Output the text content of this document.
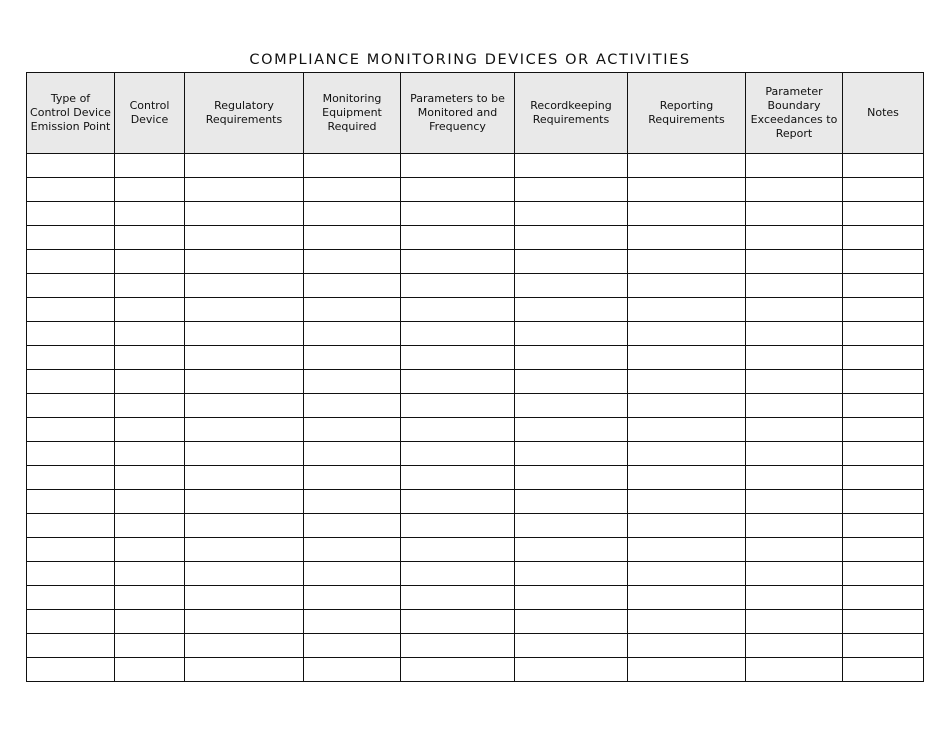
COMPLIANCE MONITORING DEVICES OR ACTIVITIES
Type of Control Device Emission Point	Control Device	Regulatory Requirements	Monitoring Equipment Required	Parameters to be Monitored and Frequency	Recordkeeping Requirements	Reporting Requirements	Parameter Boundary Exceedances to Report	Notes
